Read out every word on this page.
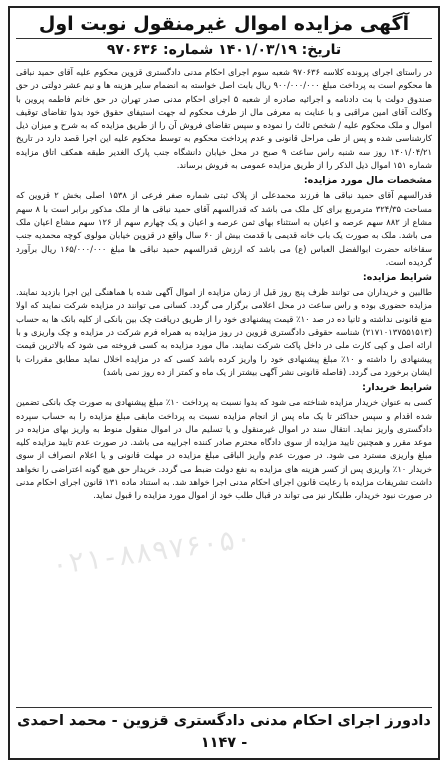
آگهی مزایده اموال غیرمنقول نوبت اول
تاریخ: ۱۴۰۱/۰۳/۱۹ شماره: ۹۷۰۶۳۶

در راستای اجرای پرونده کلاسه ۹۷۰۶۳۶ شعبه سوم اجرای احکام مدنی دادگستری قزوین محکوم علیه آقای حمید نباقی ها محکوم است به پرداخت مبلغ ۹۰۰/۰۰۰/۰۰۰ ریال بابت اصل خواسته به انضمام سایر هزینه ها و نیم عشر دولتی در حق صندوق دولت با بت دادنامه و اجرائیه صادره از شعبه ۵ اجرای احکام مدنی صدر تهران در حق خانم فاطمه پروین با وکالت آقای امین مراقبی و با عنایت به معرفی مال از طرف محکوم له جهت استیفای حقوق خود بدوا تقاضای توقیف اموال و ملک محکوم علیه / شخص ثالث را نموده و سپس تقاضای فروش آن را از طریق مزایده که به شرح و میزان ذیل کارشناسی شده و پس از طی مراحل قانونی و عدم پرداخت محکوم به توسط محکوم علیه این اجرا قصد دارد در تاریخ ۱۴۰۱/۰۴/۲۱ روز سه شنبه راس ساعت ۹ صبح در محل خیابان دانشگاه جنب پارک الغدیر طبقه همکف اتاق مزایده شماره ۱۵۱ اموال ذیل الذکر را از طریق مزایده عمومی به فروش برساند.

مشخصات مال مورد مزایده:

قدرالسهم آقای حمید نباقی ها فرزند محمدعلی از پلاک ثبتی شماره صفر فرعی از ۱۵۳۸ اصلی بخش ۲ قزوین که مساحت ۳۲۴/۳۵ مترمربع برای کل ملک می باشد که قدرالسهم آقای حمید نباقی ها از ملک مذکور برابر است با ۸ سهم مشاع از ۸۸۲ سهم عرصه و اعیان به استثناء بهای ثمن عرصه و اعیان و یک چهارم سهم از ۱۲۶ سهم مشاع اعیان ملک می باشد. ملک به صورت یک باب خانه قدیمی با قدمت بیش از ۶۰ سال واقع در قزوین خیابان مولوی کوچه محمدیه جنب سقاخانه حضرت ابوالفضل العباس (ع) می باشد که ارزش قدرالسهم حمید نباقی ها مبلغ ۱۶۵/۰۰۰/۰۰۰ ریال برآورد گردیده است.

شرایط مزایده:

طالبین و خریداران می توانند ظرف پنج روز قبل از زمان مزایده از اموال آگهی شده با هماهنگی این اجرا بازدید نمایند. مزایده حضوری بوده و راس ساعت در محل اعلامی برگزار می گردد. کسانی می توانند در مزایده شرکت نمایند که اولا منع قانونی نداشته و ثانیا ده در صد ۱۰٪ قیمت پیشنهادی خود را از طریق دریافت چک بین بانکی از کلیه بانک ها به حساب (۲۱۷۱۰۱۳۷۵۵۱۵۱۳) شناسه حقوقی دادگستری قزوین در روز مزایده به همراه فرم شرکت در مزایده و چک واریزی و با ارائه اصل و کپی کارت ملی در داخل پاکت شرکت نمایند. مال مورد مزایده به کسی فروخته می شود که بالاترین قیمت پیشنهادی را داشته و ۱۰٪ مبلغ پیشنهادی خود را واریز کرده باشد کسی که در مزایده اخلال نماید مطابق مقررات با ایشان برخورد می گردد. (فاصله قانونی نشر آگهی بیشتر از یک ماه و کمتر از ده روز نمی باشد)

شرایط خریدار:

کسی به عنوان خریدار مزایده شناخته می شود که بدوا نسبت به پرداخت ۱۰٪ مبلغ پیشنهادی به صورت چک بانکی تضمین شده اقدام و سپس حداکثر تا یک ماه پس از انجام مزایده نسبت به پرداخت مابقی مبلغ مزایده را به حساب سپرده دادگستری واریز نماید. انتقال سند در اموال غیرمنقول و یا تسلیم مال در اموال منقول منوط به واریز بهای مزایده در موعد مقرر و همچنین تایید مزایده از سوی دادگاه محترم صادر کننده اجراییه می باشد. در صورت عدم تایید مزایده کلیه مبلغ واریزی مسترد می شود. در صورت عدم واریز الباقی مبلغ مزایده در مهلت قانونی و یا اعلام انصراف از سوی خریدار ۱۰٪ واریزی پس از کسر هزینه های مزایده به نفع دولت ضبط می گردد. خریدار حق هیچ گونه اعتراضی را نخواهد داشت تشریفات مزایده با رعایت قانون اجرای احکام مدنی اجرا خواهد شد. به استناد ماده ۱۳۱ قانون اجرای احکام مدنی در صورت نبود خریدار، طلبکار نیز می تواند در قبال طلب خود از اموال مورد مزایده را قبول نماید.

۰۲۱-۸۸۹۷۶۰۵۰
دادورز اجرای احکام مدنی دادگستری قزوین - محمد احمدی - ۱۱۴۷
